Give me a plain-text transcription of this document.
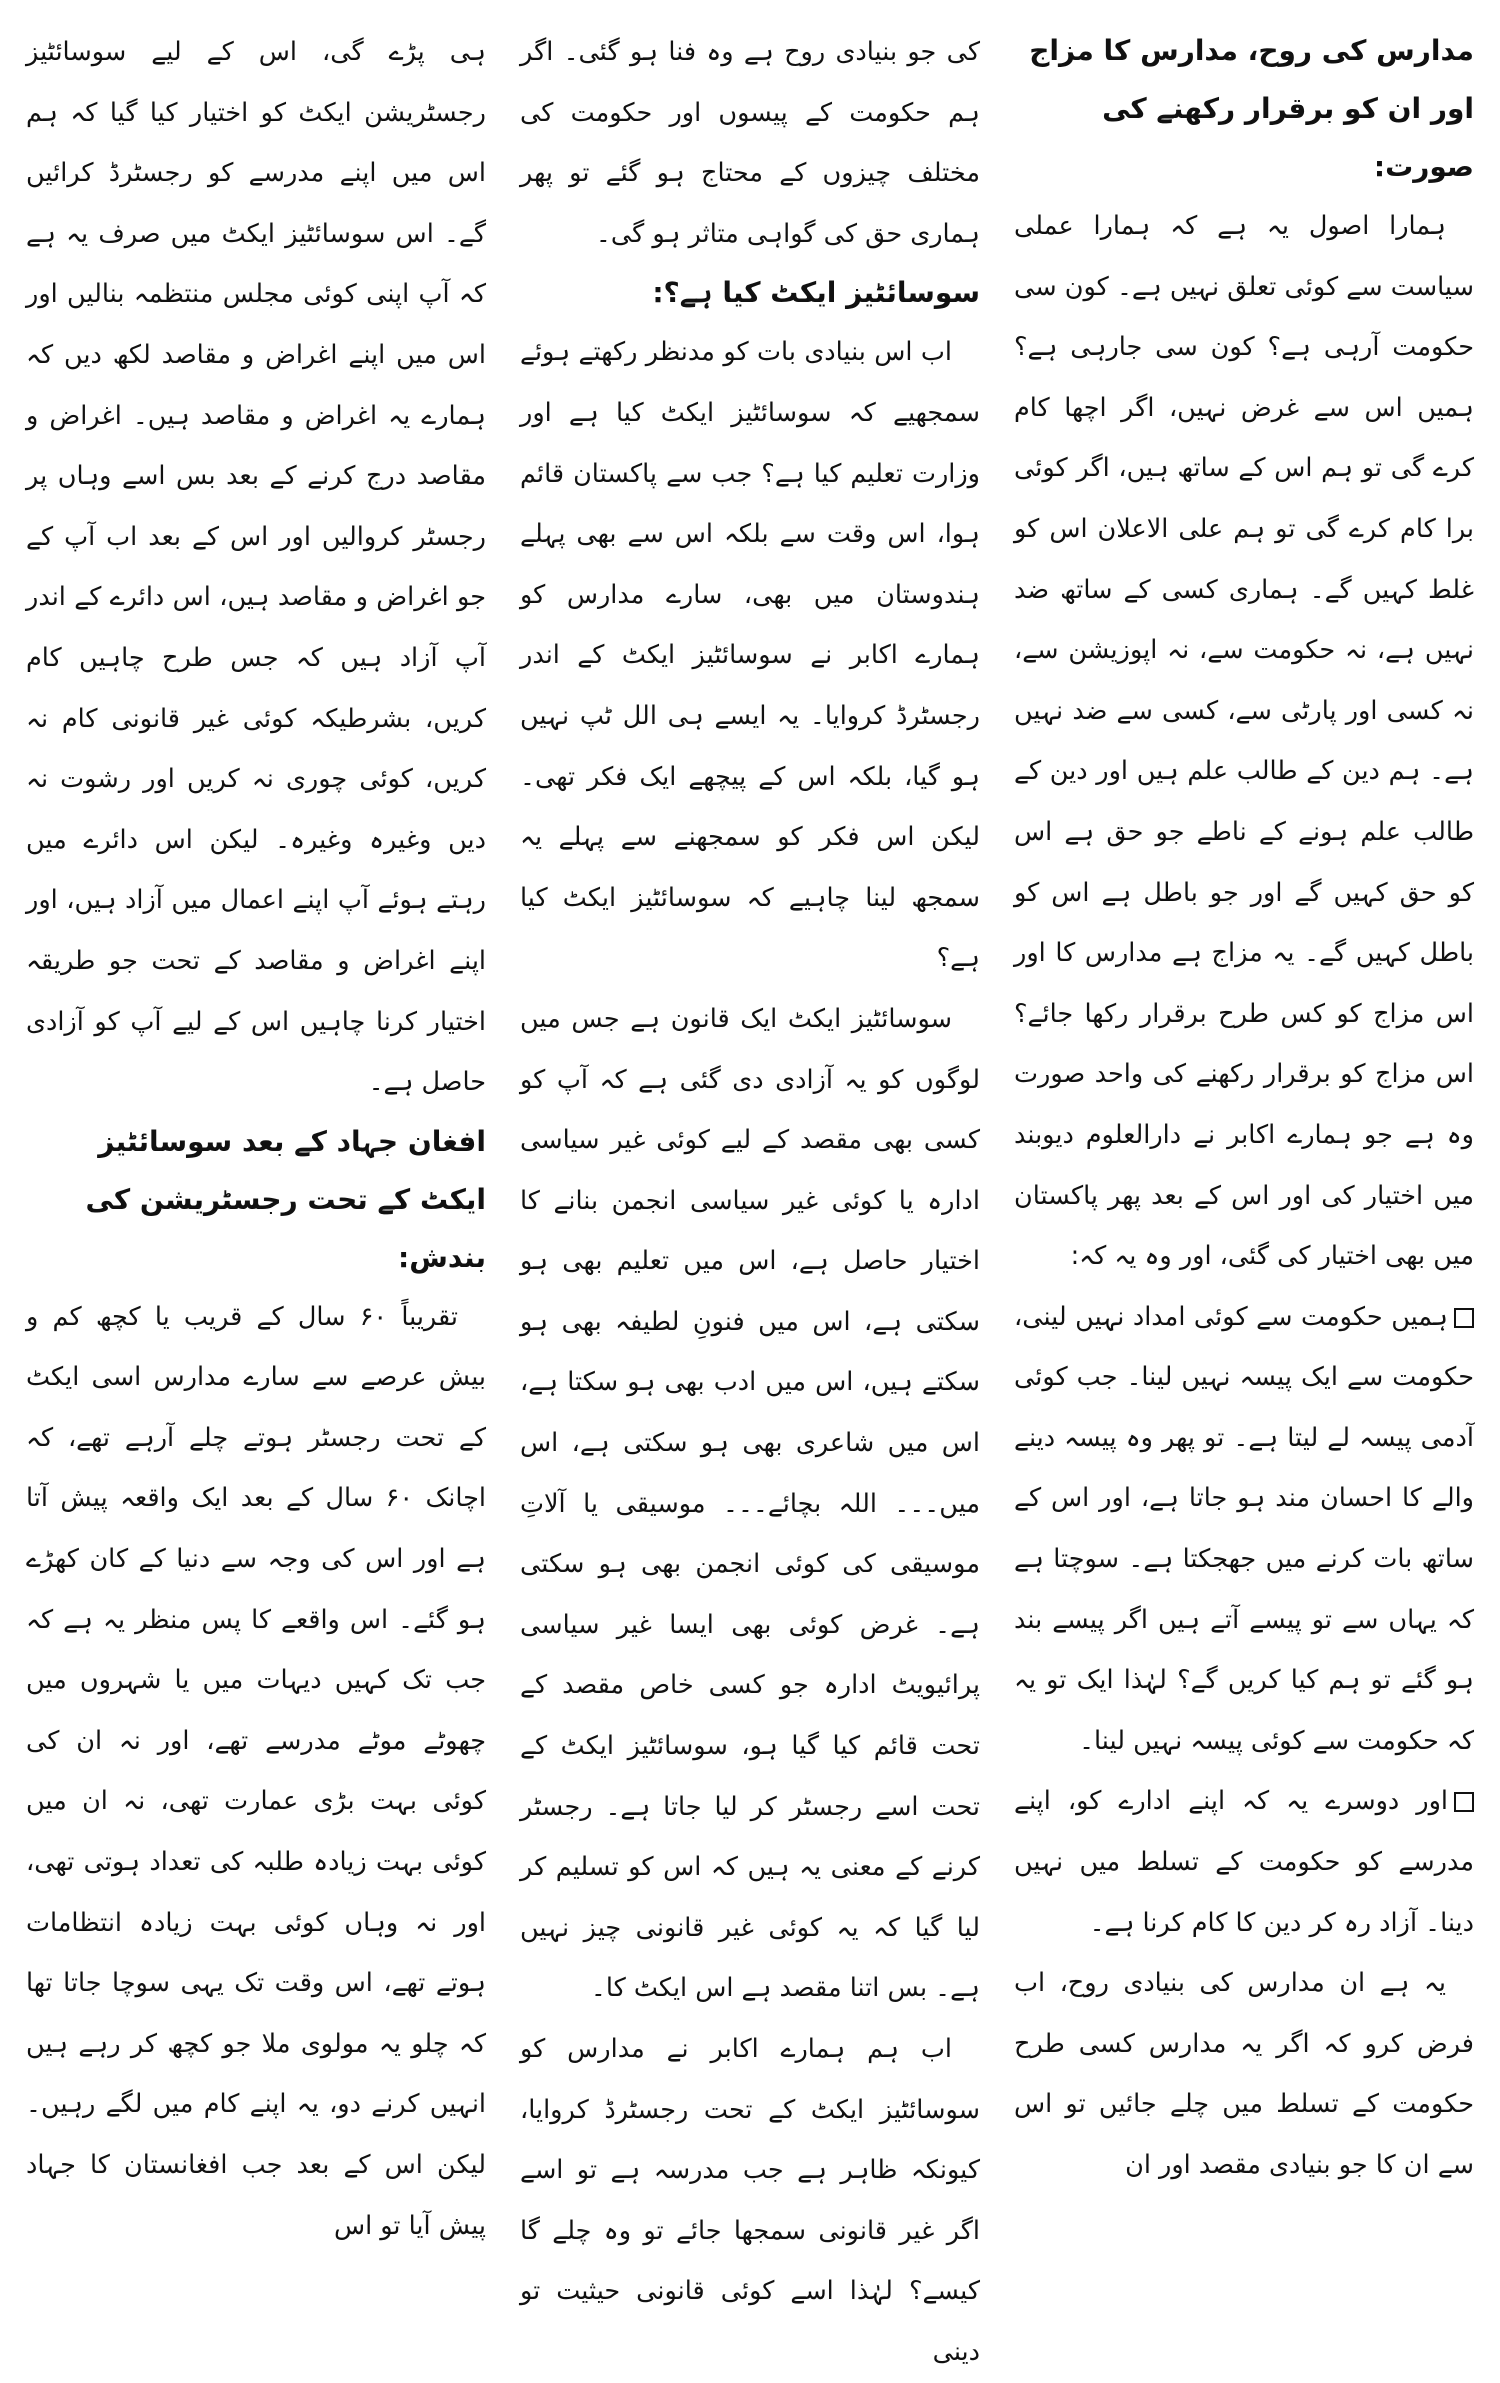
مدارس کی روح، مدارس کا مزاج اور ان کو برقرار رکھنے کی صورت:

ہمارا اصول یہ ہے کہ ہمارا عملی سیاست سے کوئی تعلق نہیں ہے۔ کون سی حکومت آرہی ہے؟ کون سی جارہی ہے؟ ہمیں اس سے غرض نہیں، اگر اچھا کام کرے گی تو ہم اس کے ساتھ ہیں، اگر کوئی برا کام کرے گی تو ہم علی الاعلان اس کو غلط کہیں گے۔ ہماری کسی کے ساتھ ضد نہیں ہے، نہ حکومت سے، نہ اپوزیشن سے، نہ کسی اور پارٹی سے، کسی سے ضد نہیں ہے۔ ہم دین کے طالب علم ہیں اور دین کے طالب علم ہونے کے ناطے جو حق ہے اس کو حق کہیں گے اور جو باطل ہے اس کو باطل کہیں گے۔ یہ مزاج ہے مدارس کا اور اس مزاج کو کس طرح برقرار رکھا جائے؟ اس مزاج کو برقرار رکھنے کی واحد صورت وہ ہے جو ہمارے اکابر نے دارالعلوم دیوبند میں اختیار کی اور اس کے بعد پھر پاکستان میں بھی اختیار کی گئی، اور وہ یہ کہ:

ہمیں حکومت سے کوئی امداد نہیں لینی، حکومت سے ایک پیسہ نہیں لینا۔ جب کوئی آدمی پیسہ لے لیتا ہے۔ تو پھر وہ پیسہ دینے والے کا احسان مند ہو جاتا ہے، اور اس کے ساتھ بات کرنے میں جھجکتا ہے۔ سوچتا ہے کہ یہاں سے تو پیسے آتے ہیں اگر پیسے بند ہو گئے تو ہم کیا کریں گے؟ لہٰذا ایک تو یہ کہ حکومت سے کوئی پیسہ نہیں لینا۔

اور دوسرے یہ کہ اپنے ادارے کو، اپنے مدرسے کو حکومت کے تسلط میں نہیں دینا۔ آزاد رہ کر دین کا کام کرنا ہے۔

یہ ہے ان مدارس کی بنیادی روح، اب فرض کرو کہ اگر یہ مدارس کسی طرح حکومت کے تسلط میں چلے جائیں تو اس سے ان کا جو بنیادی مقصد اور ان

کی جو بنیادی روح ہے وہ فنا ہو گئی۔ اگر ہم حکومت کے پیسوں اور حکومت کی مختلف چیزوں کے محتاج ہو گئے تو پھر ہماری حق کی گواہی متاثر ہو گی۔

سوسائٹیز ایکٹ کیا ہے؟:

اب اس بنیادی بات کو مدنظر رکھتے ہوئے سمجھیے کہ سوسائٹیز ایکٹ کیا ہے اور وزارت تعلیم کیا ہے؟ جب سے پاکستان قائم ہوا، اس وقت سے بلکہ اس سے بھی پہلے ہندوستان میں بھی، سارے مدارس کو ہمارے اکابر نے سوسائٹیز ایکٹ کے اندر رجسٹرڈ کروایا۔ یہ ایسے ہی الل ٹپ نہیں ہو گیا، بلکہ اس کے پیچھے ایک فکر تھی۔ لیکن اس فکر کو سمجھنے سے پہلے یہ سمجھ لینا چاہیے کہ سوسائٹیز ایکٹ کیا ہے؟

سوسائٹیز ایکٹ ایک قانون ہے جس میں لوگوں کو یہ آزادی دی گئی ہے کہ آپ کو کسی بھی مقصد کے لیے کوئی غیر سیاسی ادارہ یا کوئی غیر سیاسی انجمن بنانے کا اختیار حاصل ہے، اس میں تعلیم بھی ہو سکتی ہے، اس میں فنونِ لطیفہ بھی ہو سکتے ہیں، اس میں ادب بھی ہو سکتا ہے، اس میں شاعری بھی ہو سکتی ہے، اس میں۔۔۔ اللہ بچائے۔۔۔ موسیقی یا آلاتِ موسیقی کی کوئی انجمن بھی ہو سکتی ہے۔ غرض کوئی بھی ایسا غیر سیاسی پرائیویٹ ادارہ جو کسی خاص مقصد کے تحت قائم کیا گیا ہو، سوسائٹیز ایکٹ کے تحت اسے رجسٹر کر لیا جاتا ہے۔ رجسٹر کرنے کے معنی یہ ہیں کہ اس کو تسلیم کر لیا گیا کہ یہ کوئی غیر قانونی چیز نہیں ہے۔ بس اتنا مقصد ہے اس ایکٹ کا۔

اب ہم ہمارے اکابر نے مدارس کو سوسائٹیز ایکٹ کے تحت رجسٹرڈ کروایا، کیونکہ ظاہر ہے جب مدرسہ ہے تو اسے اگر غیر قانونی سمجھا جائے تو وہ چلے گا کیسے؟ لہٰذا اسے کوئی قانونی حیثیت تو دینی

ہی پڑے گی، اس کے لیے سوسائٹیز رجسٹریشن ایکٹ کو اختیار کیا گیا کہ ہم اس میں اپنے مدرسے کو رجسٹرڈ کرائیں گے۔ اس سوسائٹیز ایکٹ میں صرف یہ ہے کہ آپ اپنی کوئی مجلس منتظمہ بنالیں اور اس میں اپنے اغراض و مقاصد لکھ دیں کہ ہمارے یہ اغراض و مقاصد ہیں۔ اغراض و مقاصد درج کرنے کے بعد بس اسے وہاں پر رجسٹر کروالیں اور اس کے بعد اب آپ کے جو اغراض و مقاصد ہیں، اس دائرے کے اندر آپ آزاد ہیں کہ جس طرح چاہیں کام کریں، بشرطیکہ کوئی غیر قانونی کام نہ کریں، کوئی چوری نہ کریں اور رشوت نہ دیں وغیرہ وغیرہ۔ لیکن اس دائرے میں رہتے ہوئے آپ اپنے اعمال میں آزاد ہیں، اور اپنے اغراض و مقاصد کے تحت جو طریقہ اختیار کرنا چاہیں اس کے لیے آپ کو آزادی حاصل ہے۔

افغان جہاد کے بعد سوسائٹیز ایکٹ کے تحت رجسٹریشن کی بندش:

تقریباً ۶۰ سال کے قریب یا کچھ کم و بیش عرصے سے سارے مدارس اسی ایکٹ کے تحت رجسٹر ہوتے چلے آرہے تھے، کہ اچانک ۶۰ سال کے بعد ایک واقعہ پیش آتا ہے اور اس کی وجہ سے دنیا کے کان کھڑے ہو گئے۔ اس واقعے کا پس منظر یہ ہے کہ جب تک کہیں دیہات میں یا شہروں میں چھوٹے موٹے مدرسے تھے، اور نہ ان کی کوئی بہت بڑی عمارت تھی، نہ ان میں کوئی بہت زیادہ طلبہ کی تعداد ہوتی تھی، اور نہ وہاں کوئی بہت زیادہ انتظامات ہوتے تھے، اس وقت تک یہی سوچا جاتا تھا کہ چلو یہ مولوی ملا جو کچھ کر رہے ہیں انہیں کرنے دو، یہ اپنے کام میں لگے رہیں۔ لیکن اس کے بعد جب افغانستان کا جہاد پیش آیا تو اس
